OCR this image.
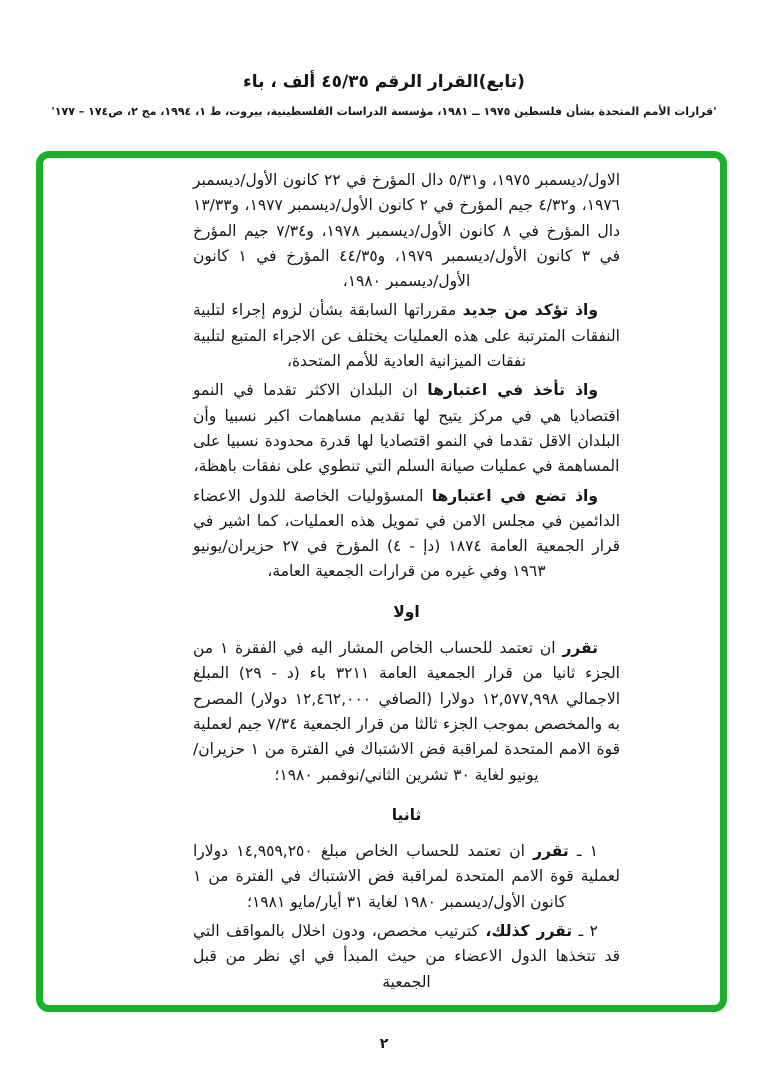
(تابع)القرار الرقم ٤٥/٣٥ ألف ، باء
'قرارات الأمم المتحدة بشأن فلسطين ١٩٧٥ ــ ١٩٨١، مؤسسة الدراسات الفلسطينية، بيروت، ط ١، ١٩٩٤، مج ٢، ص١٧٤ – ١٧٧'

الاول/ديسمبر ١٩٧٥، و٥/٣١ دال المؤرخ في ٢٢ كانون الأول/ديسمبر ١٩٧٦، و٤/٣٢ جيم المؤرخ في ٢ كانون الأول/ديسمبر ١٩٧٧، و١٣/٣٣ دال المؤرخ في ٨ كانون الأول/ديسمبر ١٩٧٨، و٧/٣٤ جيم المؤرخ في ٣ كانون الأول/ديسمبر ١٩٧٩، و٤٤/٣٥ المؤرخ في ١ كانون الأول/ديسمبر ١٩٨٠،

واذ تؤكد من جديد مقرراتها السابقة بشأن لزوم إجراء لتلبية النفقات المترتبة على هذه العمليات يختلف عن الاجراء المتبع لتلبية نفقات الميزانية العادية للأمم المتحدة،

واذ تأخذ في اعتبارها ان البلدان الاكثر تقدما في النمو اقتصاديا هي في مركز يتيح لها تقديم مساهمات اكبر نسبيا وأن البلدان الاقل تقدما في النمو اقتصاديا لها قدرة محدودة نسبيا على المساهمة في عمليات صيانة السلم التي تنطوي على نفقات باهظة،

واذ تضع في اعتبارها المسؤوليات الخاصة للدول الاعضاء الدائمين في مجلس الامن في تمويل هذه العمليات، كما اشير في قرار الجمعية العامة ١٨٧٤ (دإ - ٤) المؤرخ في ٢٧ حزيران/يونيو ١٩٦٣ وفي غيره من قرارات الجمعية العامة،

اولا

تقرر ان تعتمد للحساب الخاص المشار اليه في الفقرة ١ من الجزء ثانيا من قرار الجمعية العامة ٣٢١١ باء (د - ٢٩) المبلغ الاجمالي ١٢,٥٧٧,٩٩٨ دولارا (الصافي ١٢,٤٦٢,٠٠٠ دولار) المصرح به والمخصص بموجب الجزء ثالثا من قرار الجمعية ٧/٣٤ جيم لعملية قوة الامم المتحدة لمراقبة فض الاشتباك في الفترة من ١ حزيران/يونيو لغاية ٣٠ تشرين الثاني/نوفمبر ١٩٨٠؛

ثانيا

١ ـ تقرر ان تعتمد للحساب الخاص مبلغ ١٤,٩٥٩,٢٥٠ دولارا لعملية قوة الامم المتحدة لمراقبة فض الاشتباك في الفترة من ١ كانون الأول/ديسمبر ١٩٨٠ لغاية ٣١ أيار/مايو ١٩٨١؛

٢ ـ تقرر كذلك، كترتيب مخصص، ودون اخلال بالمواقف التي قد تتخذها الدول الاعضاء من حيث المبدأ في اي نظر من قبل الجمعية

٢
